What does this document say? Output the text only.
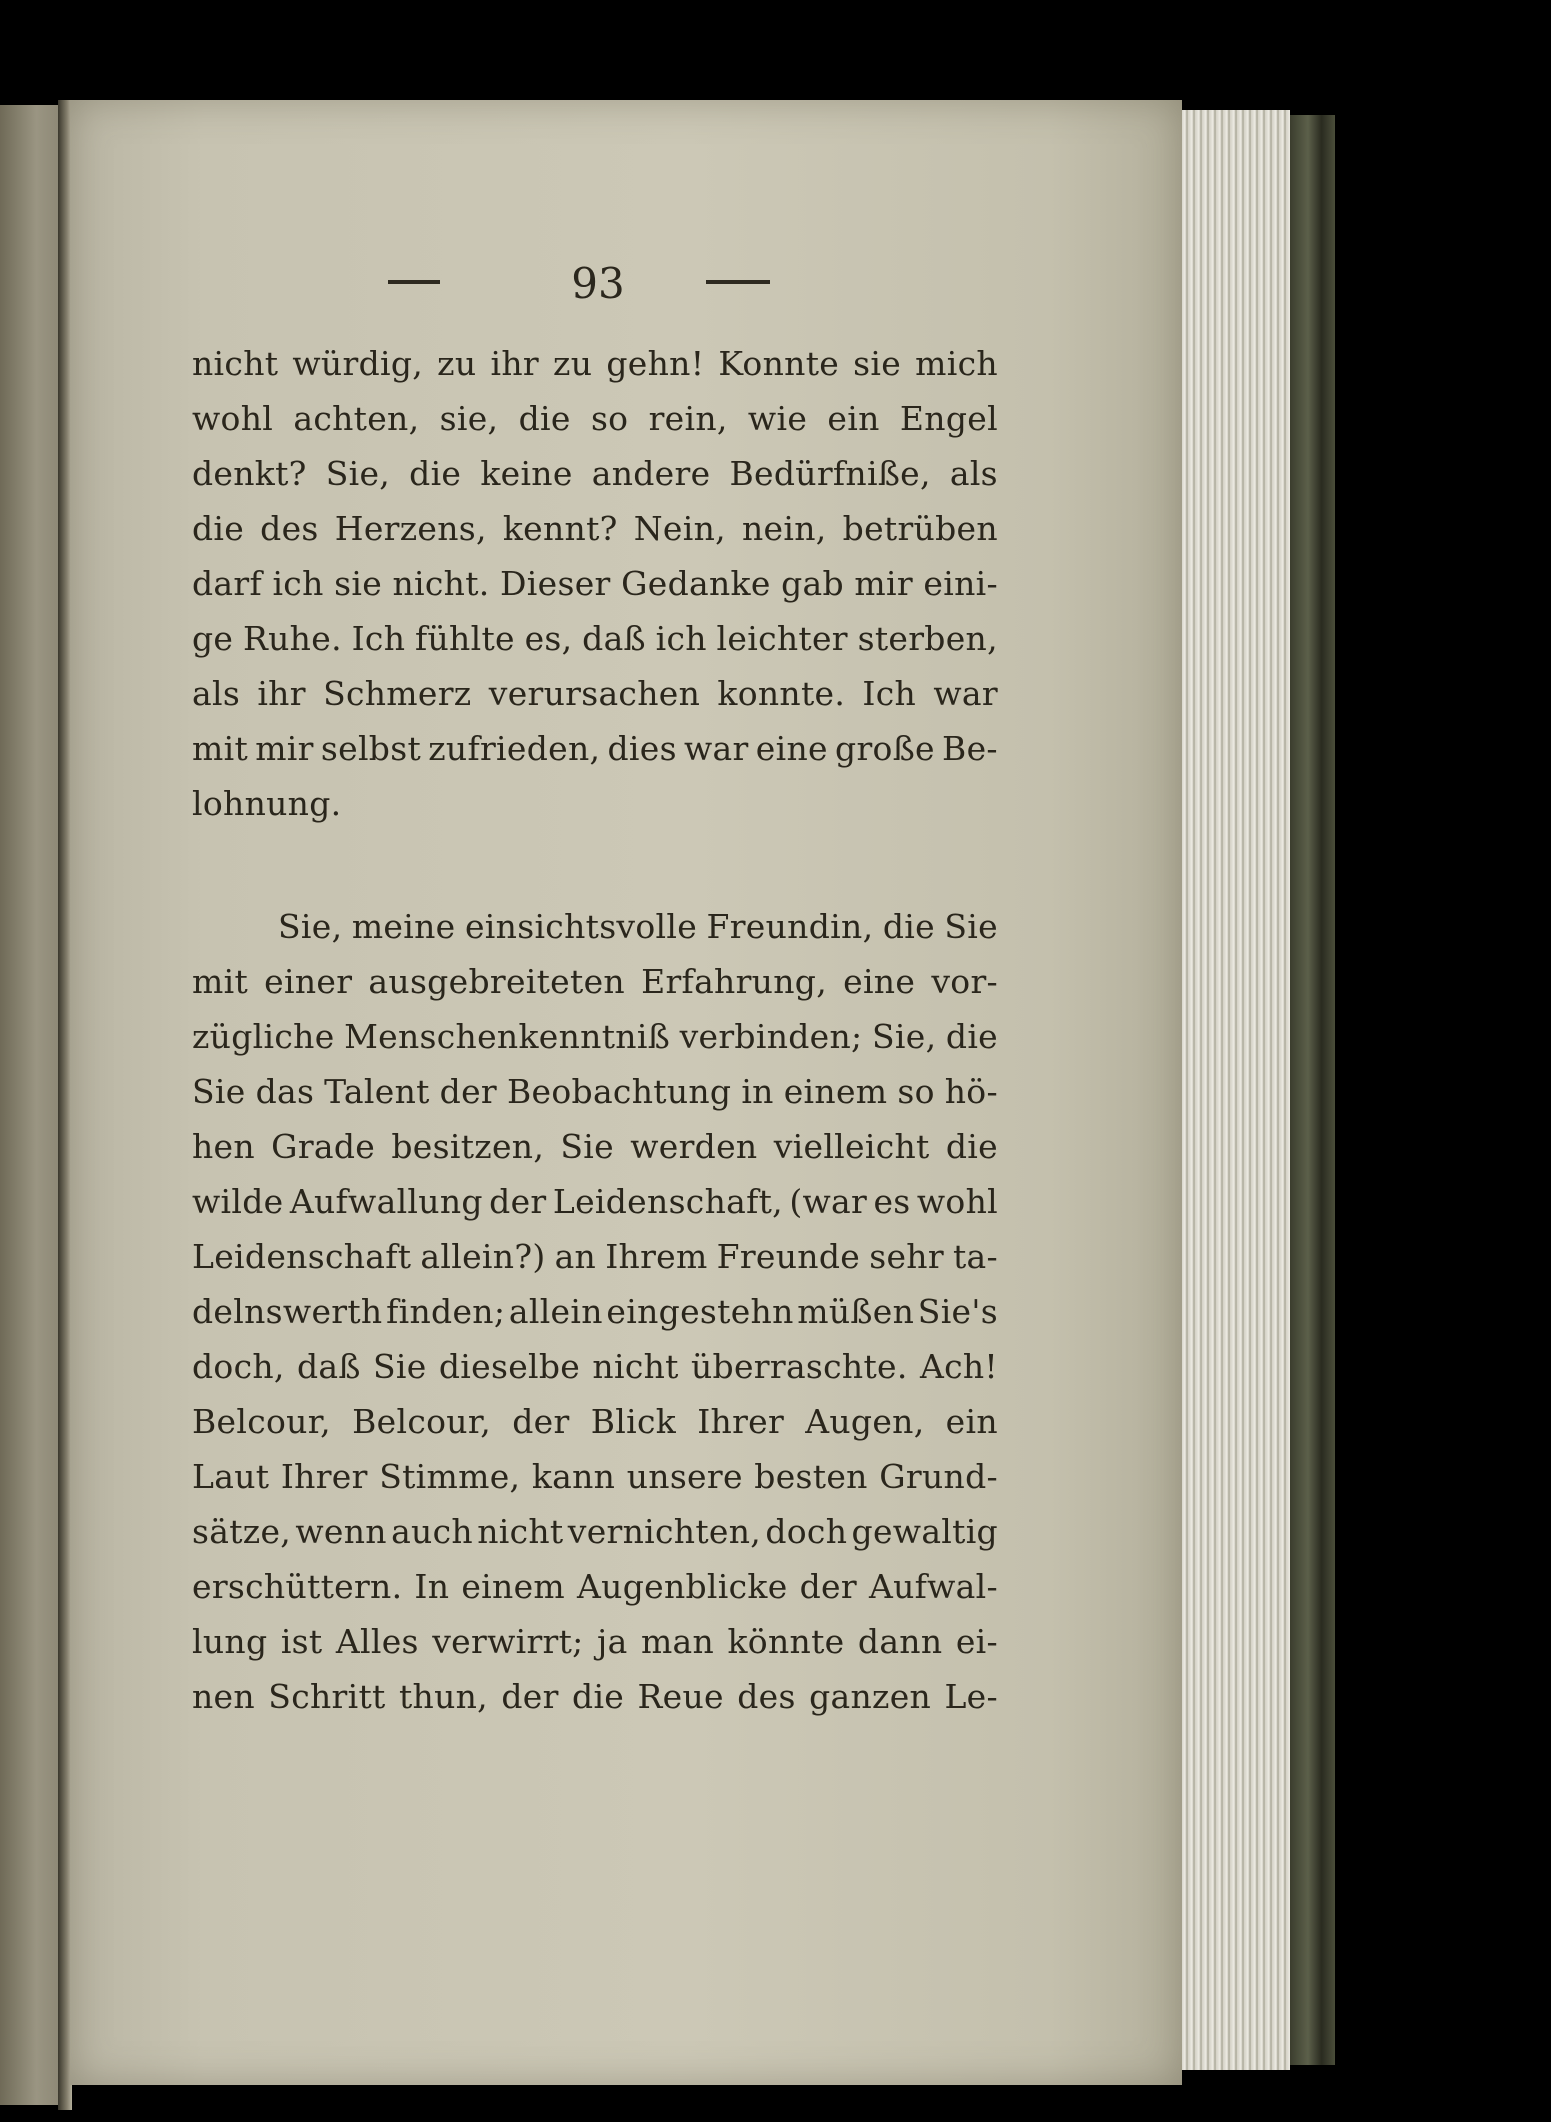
93
nicht würdig, zu ihr zu gehn! Konnte sie mich
wohl achten, sie, die so rein, wie ein Engel
denkt? Sie, die keine andere Bedürfniße, als
die des Herzens, kennt? Nein, nein, betrüben
darf ich sie nicht. Dieser Gedanke gab mir eini-
ge Ruhe. Ich fühlte es, daß ich leichter sterben,
als ihr Schmerz verursachen konnte. Ich war
mit mir selbst zufrieden, dies war eine große Be-
lohnung.
Sie, meine einsichtsvolle Freundin, die Sie
mit einer ausgebreiteten Erfahrung, eine vor-
zügliche Menschenkenntniß verbinden; Sie, die
Sie das Talent der Beobachtung in einem so hö-
hen Grade besitzen, Sie werden vielleicht die
wilde Aufwallung der Leidenschaft, (war es wohl
Leidenschaft allein?) an Ihrem Freunde sehr ta-
delnswerth finden; allein eingestehn müßen Sie's
doch, daß Sie dieselbe nicht überraschte. Ach!
Belcour, Belcour, der Blick Ihrer Augen, ein
Laut Ihrer Stimme, kann unsere besten Grund-
sätze, wenn auch nicht vernichten, doch gewaltig
erschüttern. In einem Augenblicke der Aufwal-
lung ist Alles verwirrt; ja man könnte dann ei-
nen Schritt thun, der die Reue des ganzen Le-
